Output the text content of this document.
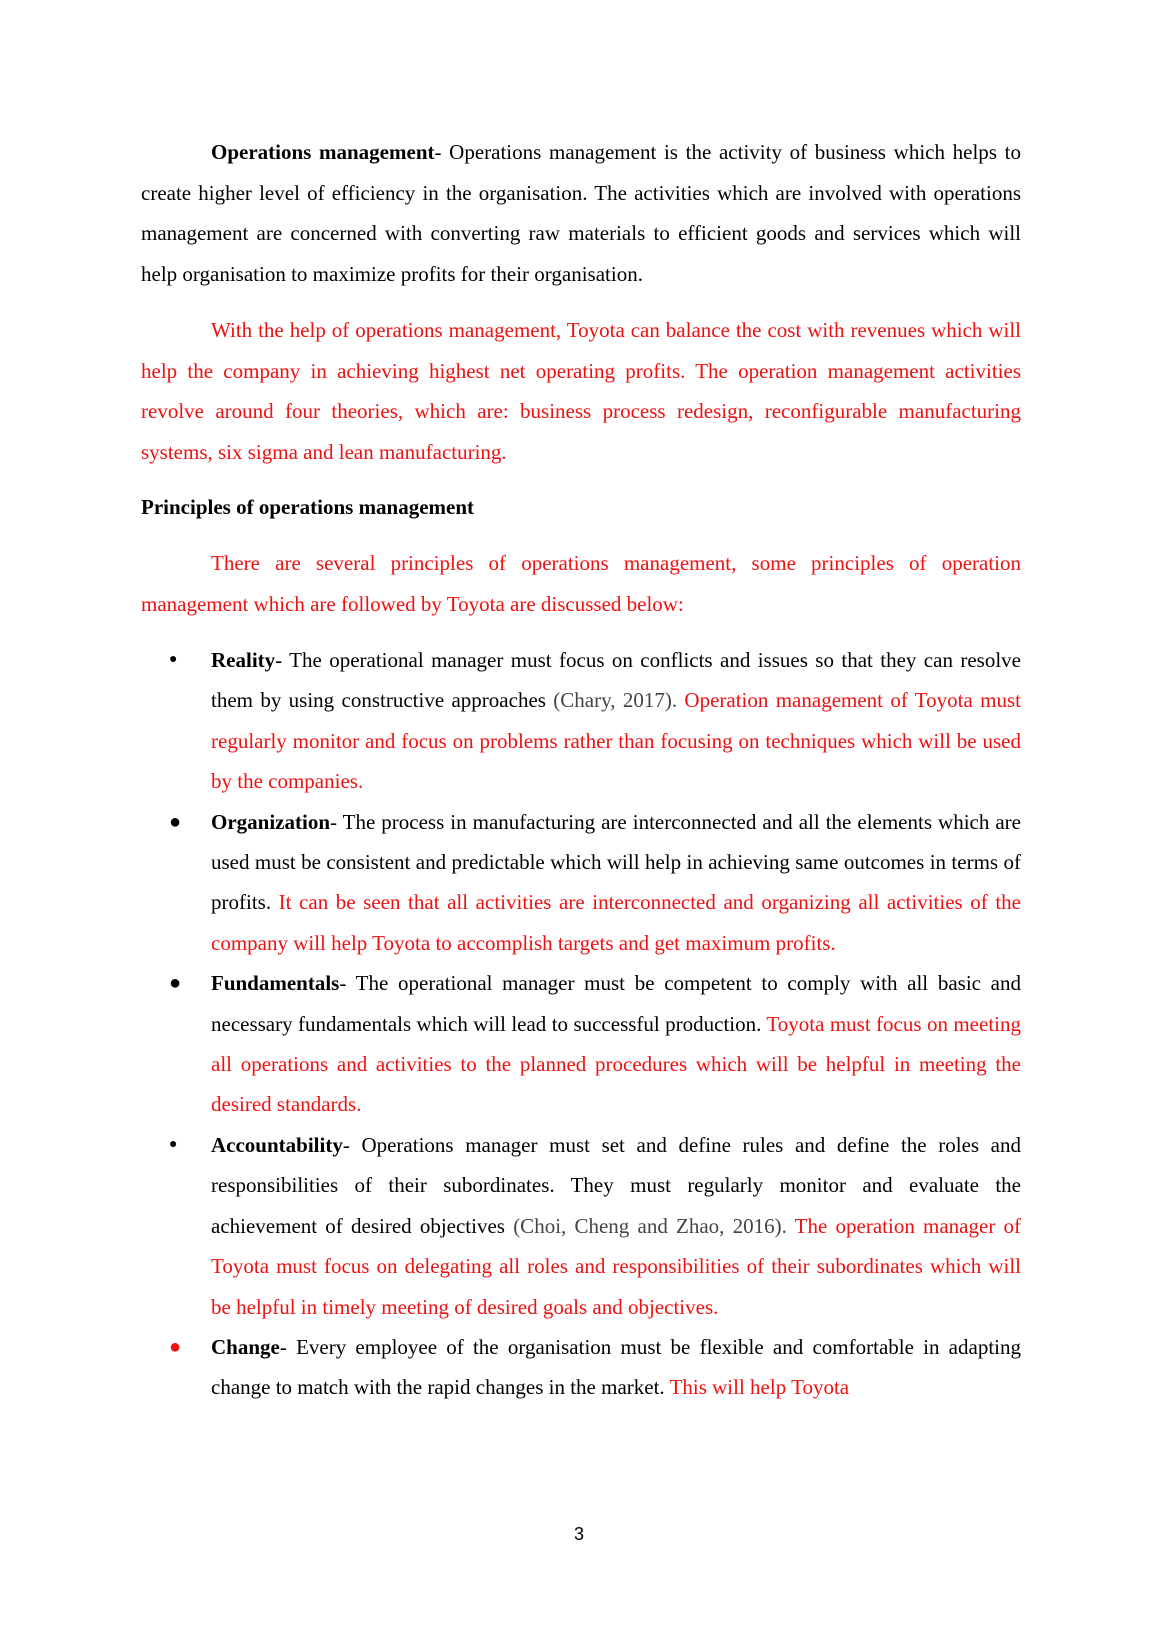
Operations management- Operations management is the activity of business which helps to create higher level of efficiency in the organisation. The activities which are involved with operations management are concerned with converting raw materials to efficient goods and services which will help organisation to maximize profits for their organisation.

With the help of operations management, Toyota can balance the cost with revenues which will help the company in achieving highest net operating profits. The operation management activities revolve around four theories, which are: business process redesign, reconfigurable manufacturing systems, six sigma and lean manufacturing.

Principles of operations management

There are several principles of operations management, some principles of operation management which are followed by Toyota are discussed below:

● Reality- The operational manager must focus on conflicts and issues so that they can resolve them by using constructive approaches (Chary, 2017). Operation management of Toyota must regularly monitor and focus on problems rather than focusing on techniques which will be used by the companies.
● Organization- The process in manufacturing are interconnected and all the elements which are used must be consistent and predictable which will help in achieving same outcomes in terms of profits. It can be seen that all activities are interconnected and organizing all activities of the company will help Toyota to accomplish targets and get maximum profits.
● Fundamentals- The operational manager must be competent to comply with all basic and necessary fundamentals which will lead to successful production. Toyota must focus on meeting all operations and activities to the planned procedures which will be helpful in meeting the desired standards.
● Accountability- Operations manager must set and define rules and define the roles and responsibilities of their subordinates. They must regularly monitor and evaluate the achievement of desired objectives (Choi, Cheng and Zhao, 2016). The operation manager of Toyota must focus on delegating all roles and responsibilities of their subordinates which will be helpful in timely meeting of desired goals and objectives.
● Change- Every employee of the organisation must be flexible and comfortable in adapting change to match with the rapid changes in the market. This will help Toyota
3
